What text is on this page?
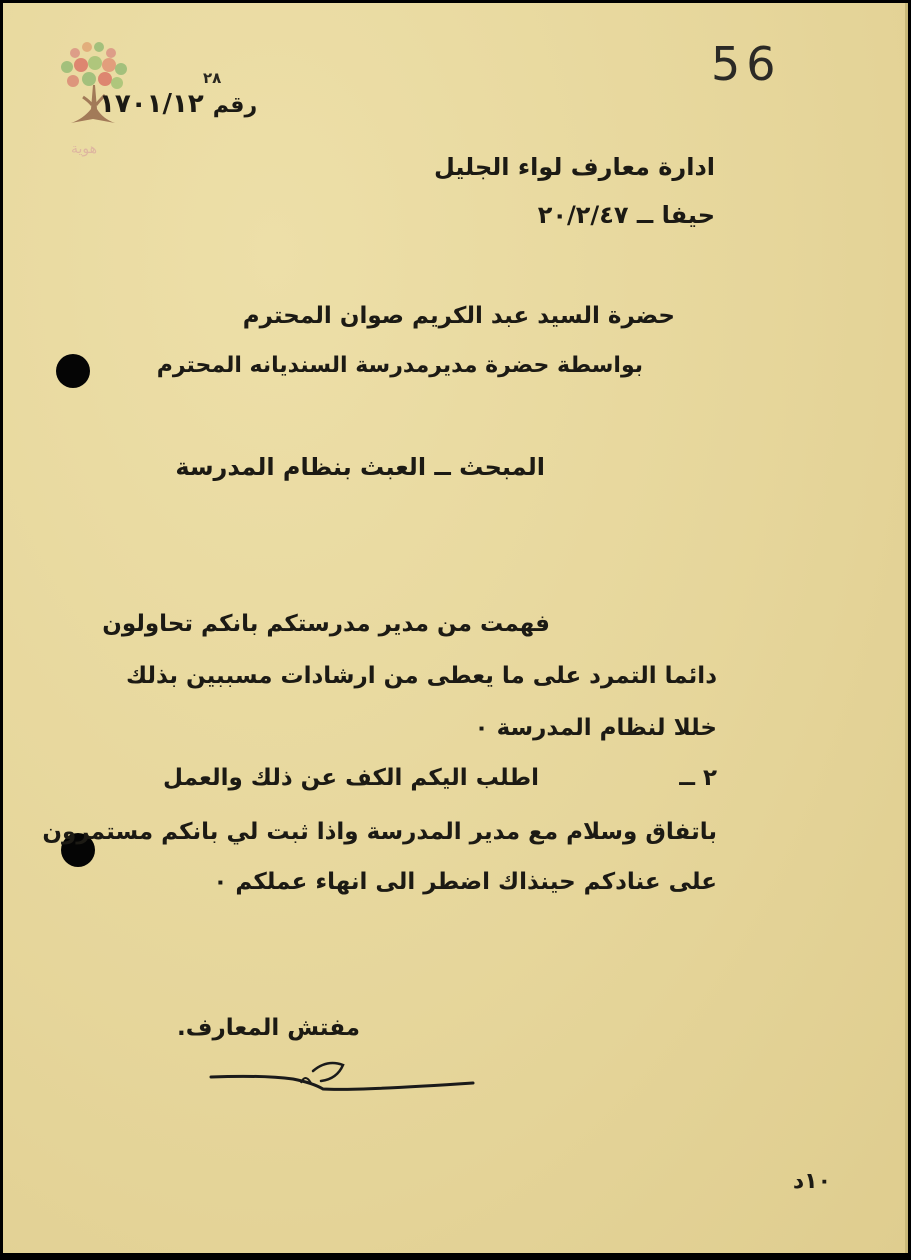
هوية
56
رقم ١٧٠١/١٢
٢٨
ادارة معارف لواء الجليل
حيفا ــ ٢٠/٢/٤٧
حضرة السيد عبد الكريم صوان المحترم
بواسطة حضرة مديرمدرسة السنديانه المحترم
المبحث ــ العبث بنظام المدرسة
فهمت من مدير مدرستكم بانكم تحاولون
دائما التمرد على ما يعطى من ارشادات مسببين بذلك
خللا لنظام المدرسة ٠
٢ ــ
اطلب اليكم الكف عن ذلك والعمل
باتفاق وسلام مع مدير المدرسة واذا ثبت لي بانكم مستمرون
على عنادكم حينذاك اضطر الى انهاء عملكم ٠
مفتش المعارف.
١٠د
